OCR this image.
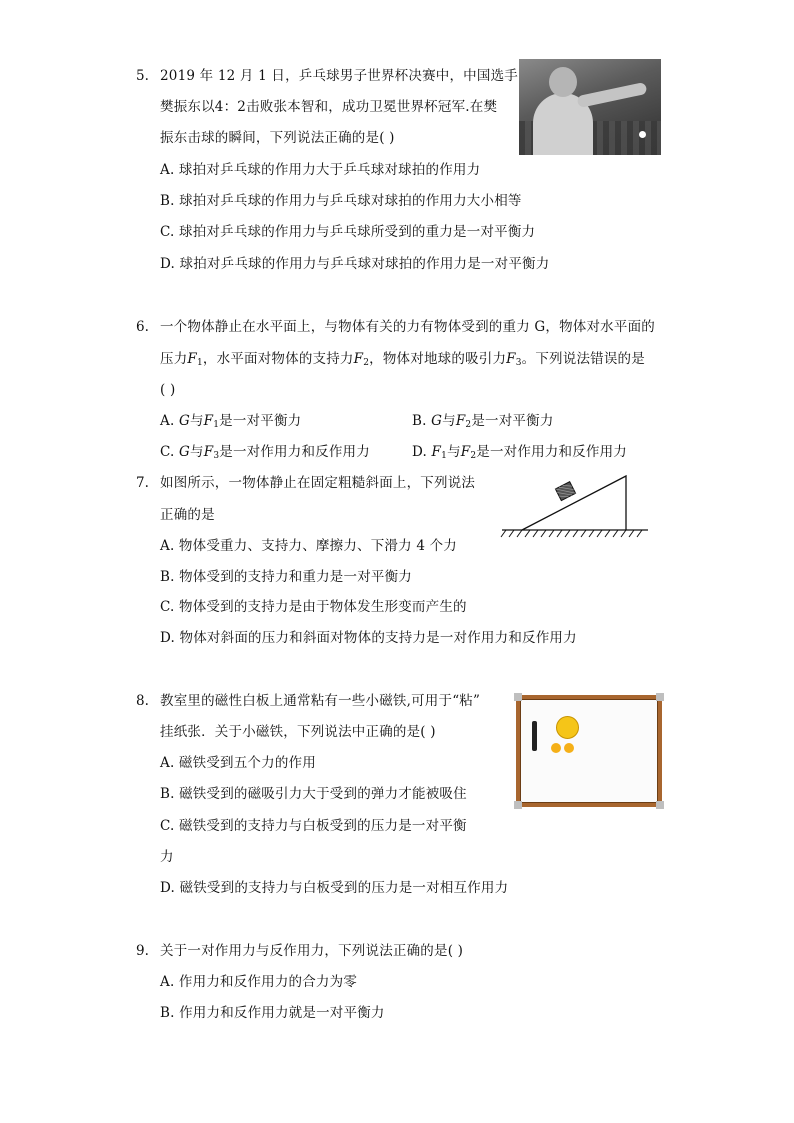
5. 2019 年 12 月 1 日，乒乓球男子世界杯决赛中，中国选手
樊振东以4：2击败张本智和，成功卫冕世界杯冠军.在樊
振东击球的瞬间，下列说法正确的是( )
A. 球拍对乒乓球的作用力大于乒乓球对球拍的作用力
B. 球拍对乒乓球的作用力与乒乓球对球拍的作用力大小相等
C. 球拍对乒乓球的作用力与乒乓球所受到的重力是一对平衡力
D. 球拍对乒乓球的作用力与乒乓球对球拍的作用力是一对平衡力
6. 一个物体静止在水平面上，与物体有关的力有物体受到的重力 G，物体对水平面的
压力$F_1$，水平面对物体的支持力$F_2$，物体对地球的吸引力$F_3$。下列说法错误的是
( )
A. G与$F_1$是一对平衡力	B. G与$F_2$是一对平衡力
C. G与$F_3$是一对作用力和反作用力	D. $F_1$与$F_2$是一对作用力和反作用力
7. 如图所示，一物体静止在固定粗糙斜面上，下列说法
正确的是
A. 物体受重力、支持力、摩擦力、下滑力 4 个力
B. 物体受到的支持力和重力是一对平衡力
C. 物体受到的支持力是由于物体发生形变而产生的
D. 物体对斜面的压力和斜面对物体的支持力是一对作用力和反作用力
8. 教室里的磁性白板上通常粘有一些小磁铁,可用于“粘”
挂纸张．关于小磁铁，下列说法中正确的是( )
A. 磁铁受到五个力的作用
B. 磁铁受到的磁吸引力大于受到的弹力才能被吸住
C. 磁铁受到的支持力与白板受到的压力是一对平衡
力
D. 磁铁受到的支持力与白板受到的压力是一对相互作用力
9. 关于一对作用力与反作用力，下列说法正确的是( )
A. 作用力和反作用力的合力为零
B. 作用力和反作用力就是一对平衡力
